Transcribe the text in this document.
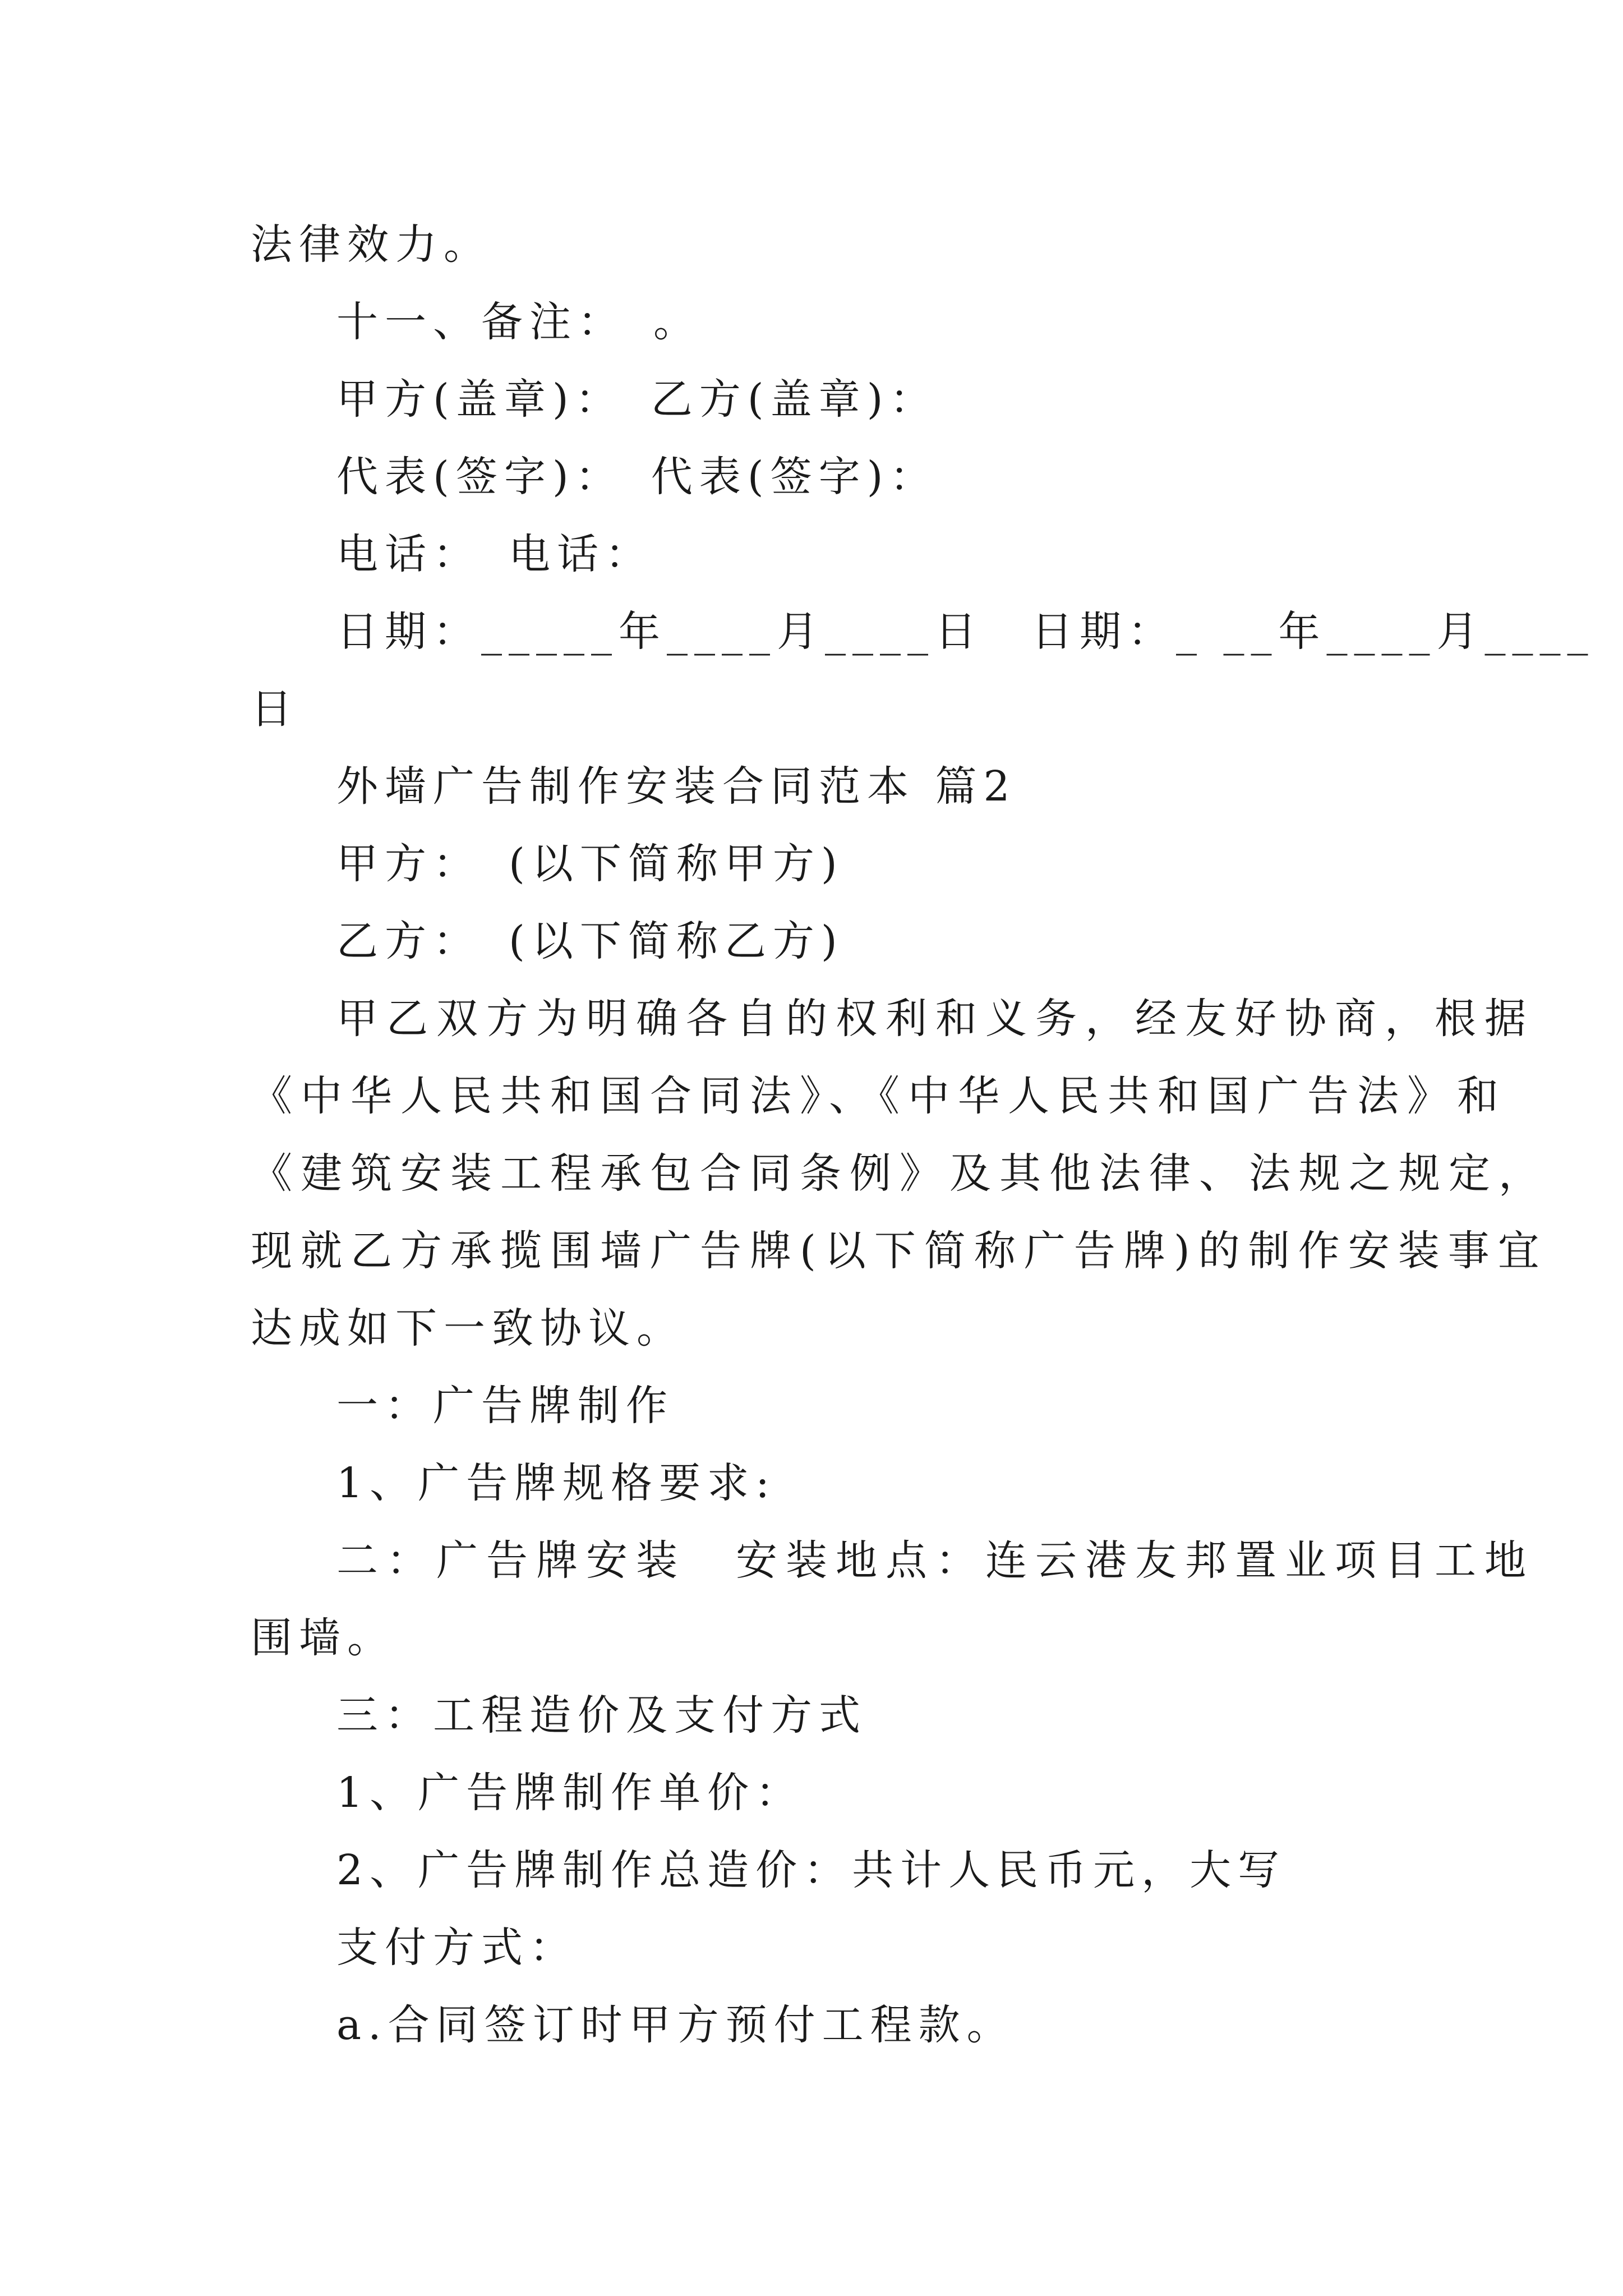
法律效力。
十一、备注：　。
甲方(盖章)：　乙方(盖章)：
代表(签字)：　代表(签字)：
电话：　电话：
日期：_____年____月____日　日期：_ __年____月____
日
外墙广告制作安装合同范本 篇2
甲方：　(以下简称甲方)
乙方：　(以下简称乙方)
甲乙双方为明确各自的权利和义务，经友好协商，根据
《中华人民共和国合同法》、《中华人民共和国广告法》和
《建筑安装工程承包合同条例》及其他法律、法规之规定，
现就乙方承揽围墙广告牌(以下简称广告牌)的制作安装事宜
达成如下一致协议。
一：广告牌制作
1、广告牌规格要求:
二：广告牌安装　安装地点：连云港友邦置业项目工地
围墙。
三：工程造价及支付方式
1、广告牌制作单价：
2、广告牌制作总造价：共计人民币元，大写
支付方式：
a.合同签订时甲方预付工程款。
